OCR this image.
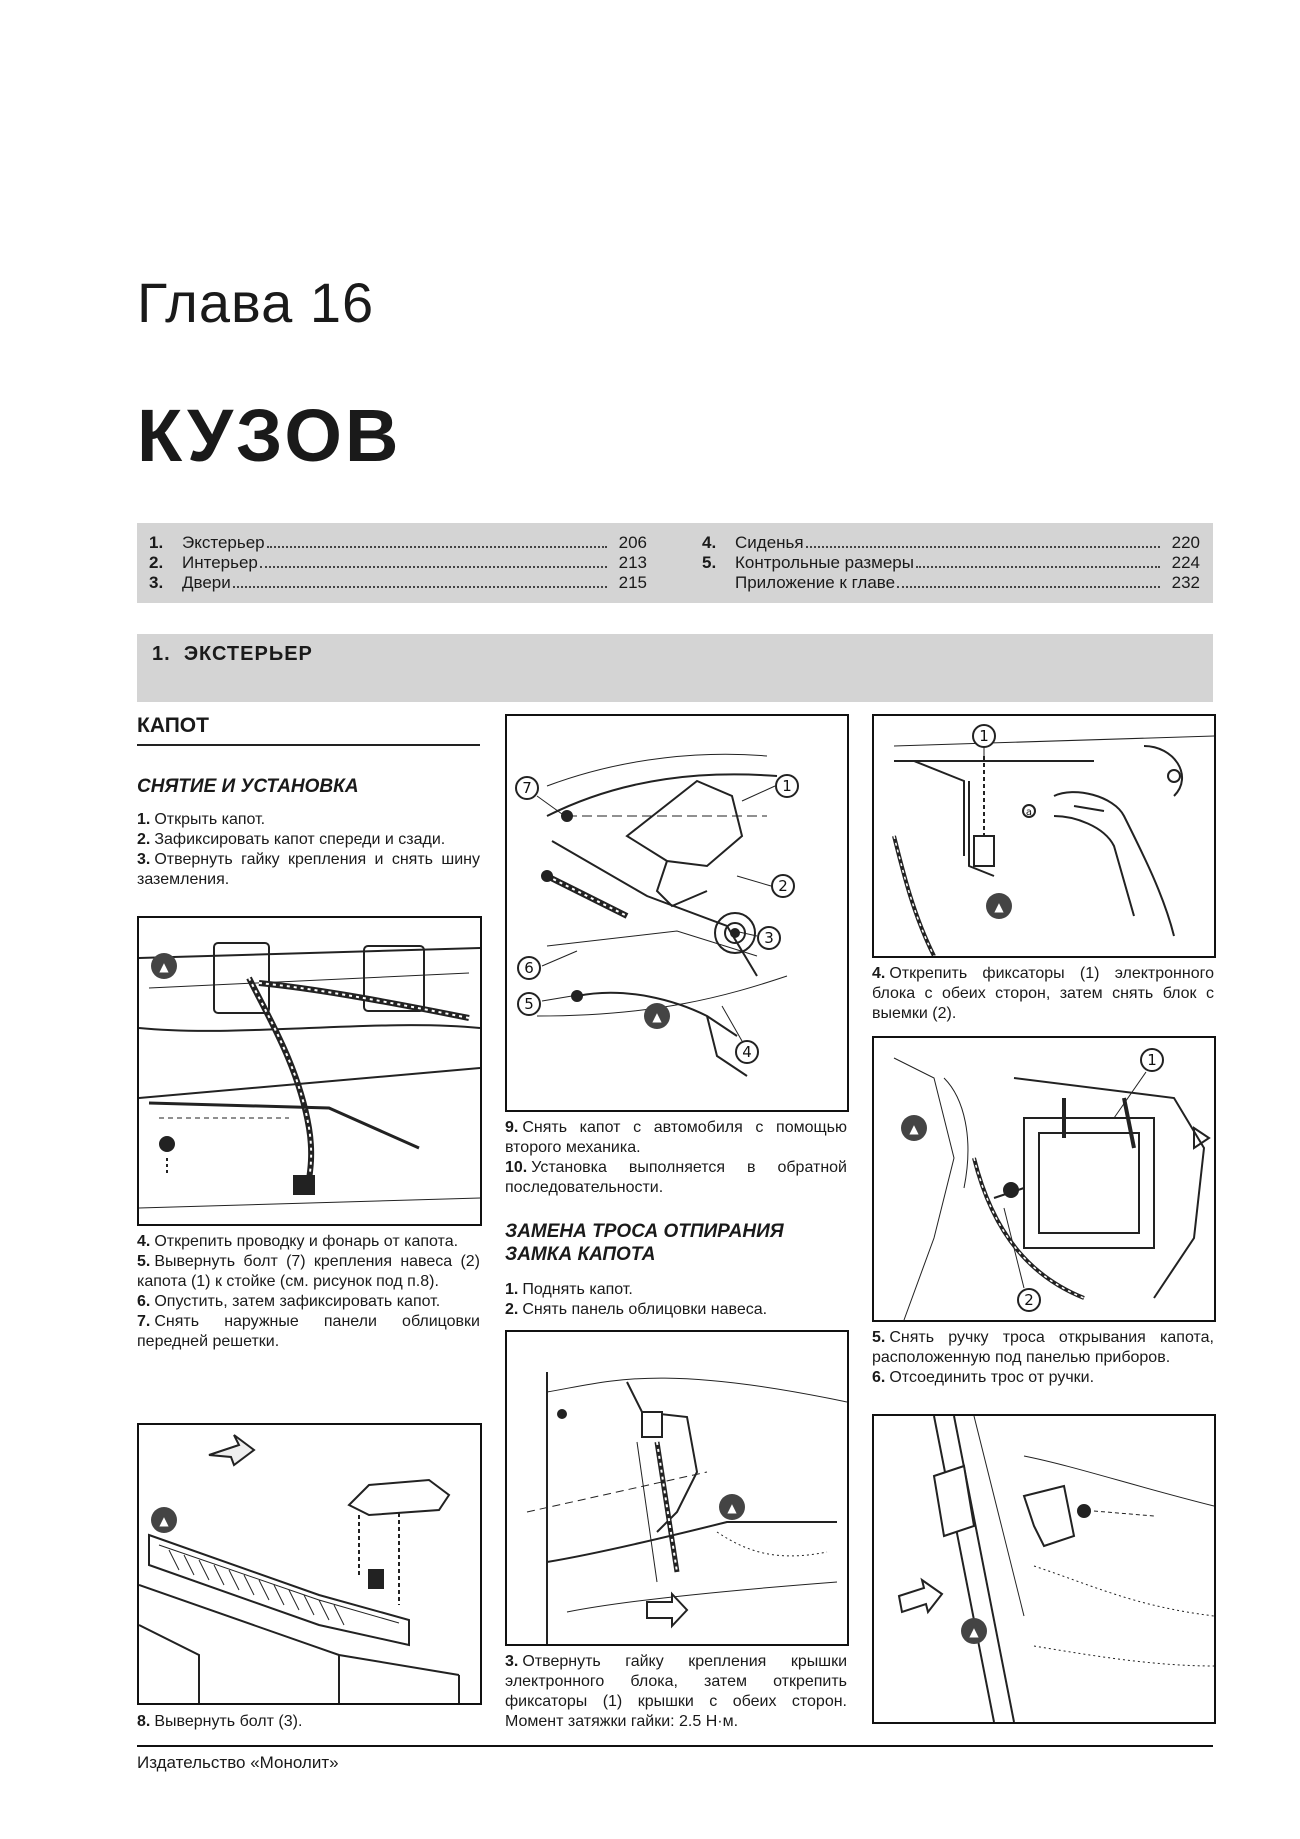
Глава 16
КУЗОВ
1.	Экстерьер	206
2.	Интерьер	213
3.	Двери	215
4.	Сиденья	220
5.	Контрольные размеры	224
Приложение к главе	232
1. ЭКСТЕРЬЕР
КАПОТ
СНЯТИЕ И УСТАНОВКА

1. Открыть капот.

2. Зафиксировать капот спереди и сзади.

3. Отвернуть гайку крепления и снять шину заземления.

▲

4. Открепить проводку и фонарь от капота.

5. Вывернуть болт (7) крепления навеса (2) капота (1) к стойке (см. рисунок под п.8).

6. Опустить, затем зафиксировать капот.

7. Снять наружные панели облицовки передней решетки.

▲

8. Вывернуть болт (3).

▲
1
2
3
4
5
6
7

9. Снять капот с автомобиля с помощью второго механика.

10. Установка выполняется в обратной последовательности.

ЗАМЕНА ТРОСА ОТПИРАНИЯ ЗАМКА КАПОТА

1. Поднять капот.

2. Снять панель облицовки навеса.

▲

3. Отвернуть гайку крепления крышки электронного блока, затем открепить фиксаторы (1) крышки с обеих сторон. Момент затяжки гайки: 2.5 Н·м.

▲
1
a

4. Открепить фиксаторы (1) электронного блока с обеих сторон, затем снять блок с выемки (2).

▲
1
2

5. Снять ручку троса открывания капота, расположенную под панелью приборов.

6. Отсоединить трос от ручки.

▲
Издательство «Монолит»
